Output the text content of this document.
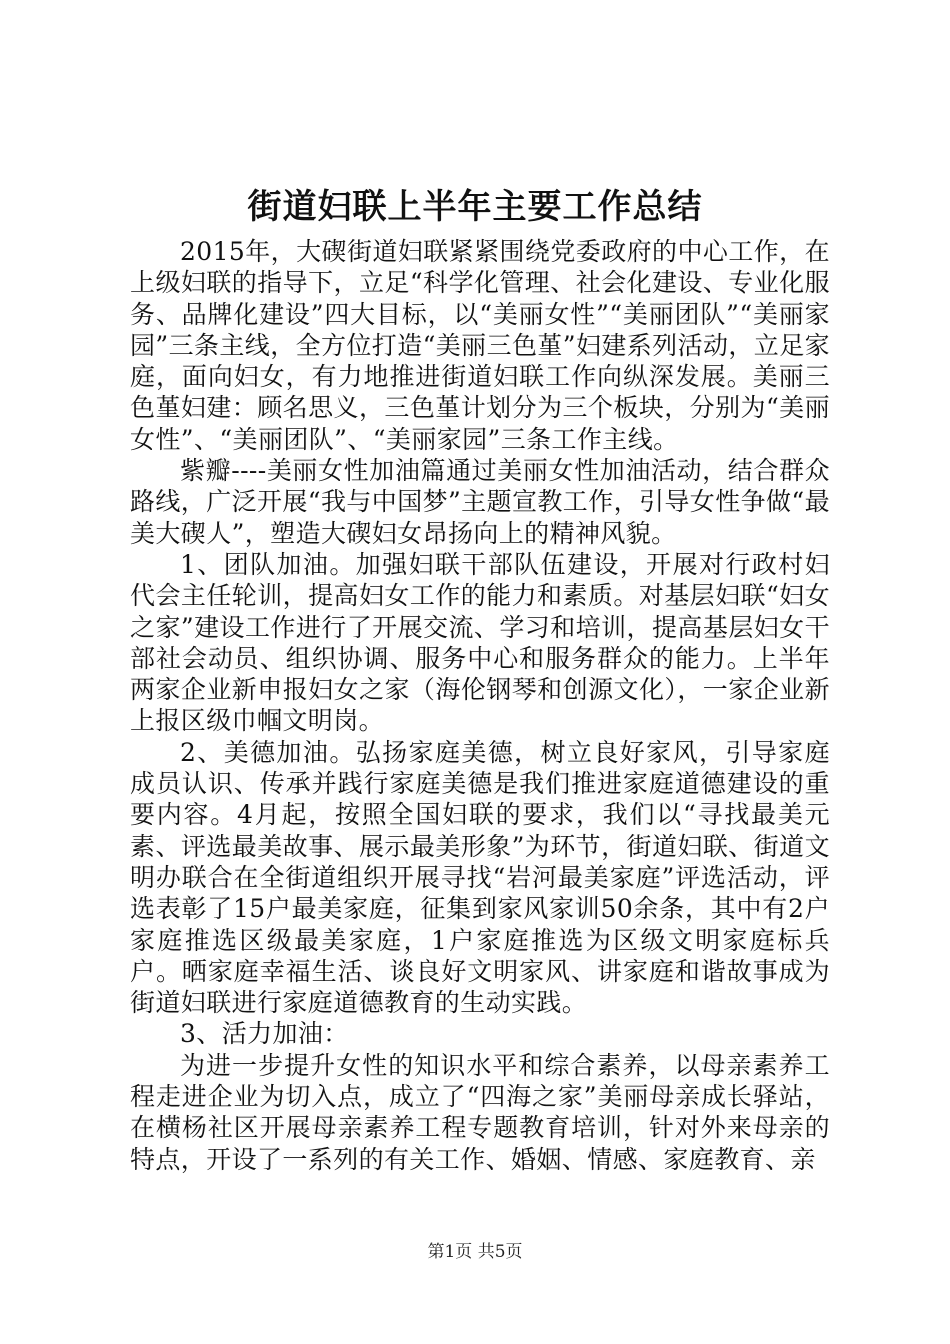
街道妇联上半年主要工作总结

2015年，大碶街道妇联紧紧围绕党委政府的中心工作，在上级妇联的指导下，立足“科学化管理、社会化建设、专业化服务、品牌化建设”四大目标，以“美丽女性”“美丽团队”“美丽家园”三条主线，全方位打造“美丽三色堇”妇建系列活动，立足家庭，面向妇女，有力地推进街道妇联工作向纵深发展。美丽三色堇妇建：顾名思义，三色堇计划分为三个板块，分别为“美丽女性”、“美丽团队”、“美丽家园”三条工作主线。

紫瓣----美丽女性加油篇通过美丽女性加油活动，结合群众路线，广泛开展“我与中国梦”主题宣教工作，引导女性争做“最美大碶人”，塑造大碶妇女昂扬向上的精神风貌。

1、团队加油。加强妇联干部队伍建设，开展对行政村妇代会主任轮训，提高妇女工作的能力和素质。对基层妇联“妇女之家”建设工作进行了开展交流、学习和培训，提高基层妇女干部社会动员、组织协调、服务中心和服务群众的能力。上半年两家企业新申报妇女之家（海伦钢琴和创源文化），一家企业新上报区级巾帼文明岗。

2、美德加油。弘扬家庭美德，树立良好家风，引导家庭成员认识、传承并践行家庭美德是我们推进家庭道德建设的重要内容。4月起，按照全国妇联的要求，我们以“寻找最美元素、评选最美故事、展示最美形象”为环节，街道妇联、街道文明办联合在全街道组织开展寻找“岩河最美家庭”评选活动，评选表彰了15户最美家庭，征集到家风家训50余条，其中有2户家庭推选区级最美家庭，1户家庭推选为区级文明家庭标兵户。晒家庭幸福生活、谈良好文明家风、讲家庭和谐故事成为街道妇联进行家庭道德教育的生动实践。

3、活力加油：

为进一步提升女性的知识水平和综合素养，以母亲素养工程走进企业为切入点，成立了“四海之家”美丽母亲成长驿站，在横杨社区开展母亲素养工程专题教育培训，针对外来母亲的特点，开设了一系列的有关工作、婚姻、情感、家庭教育、亲

第1页 共5页
